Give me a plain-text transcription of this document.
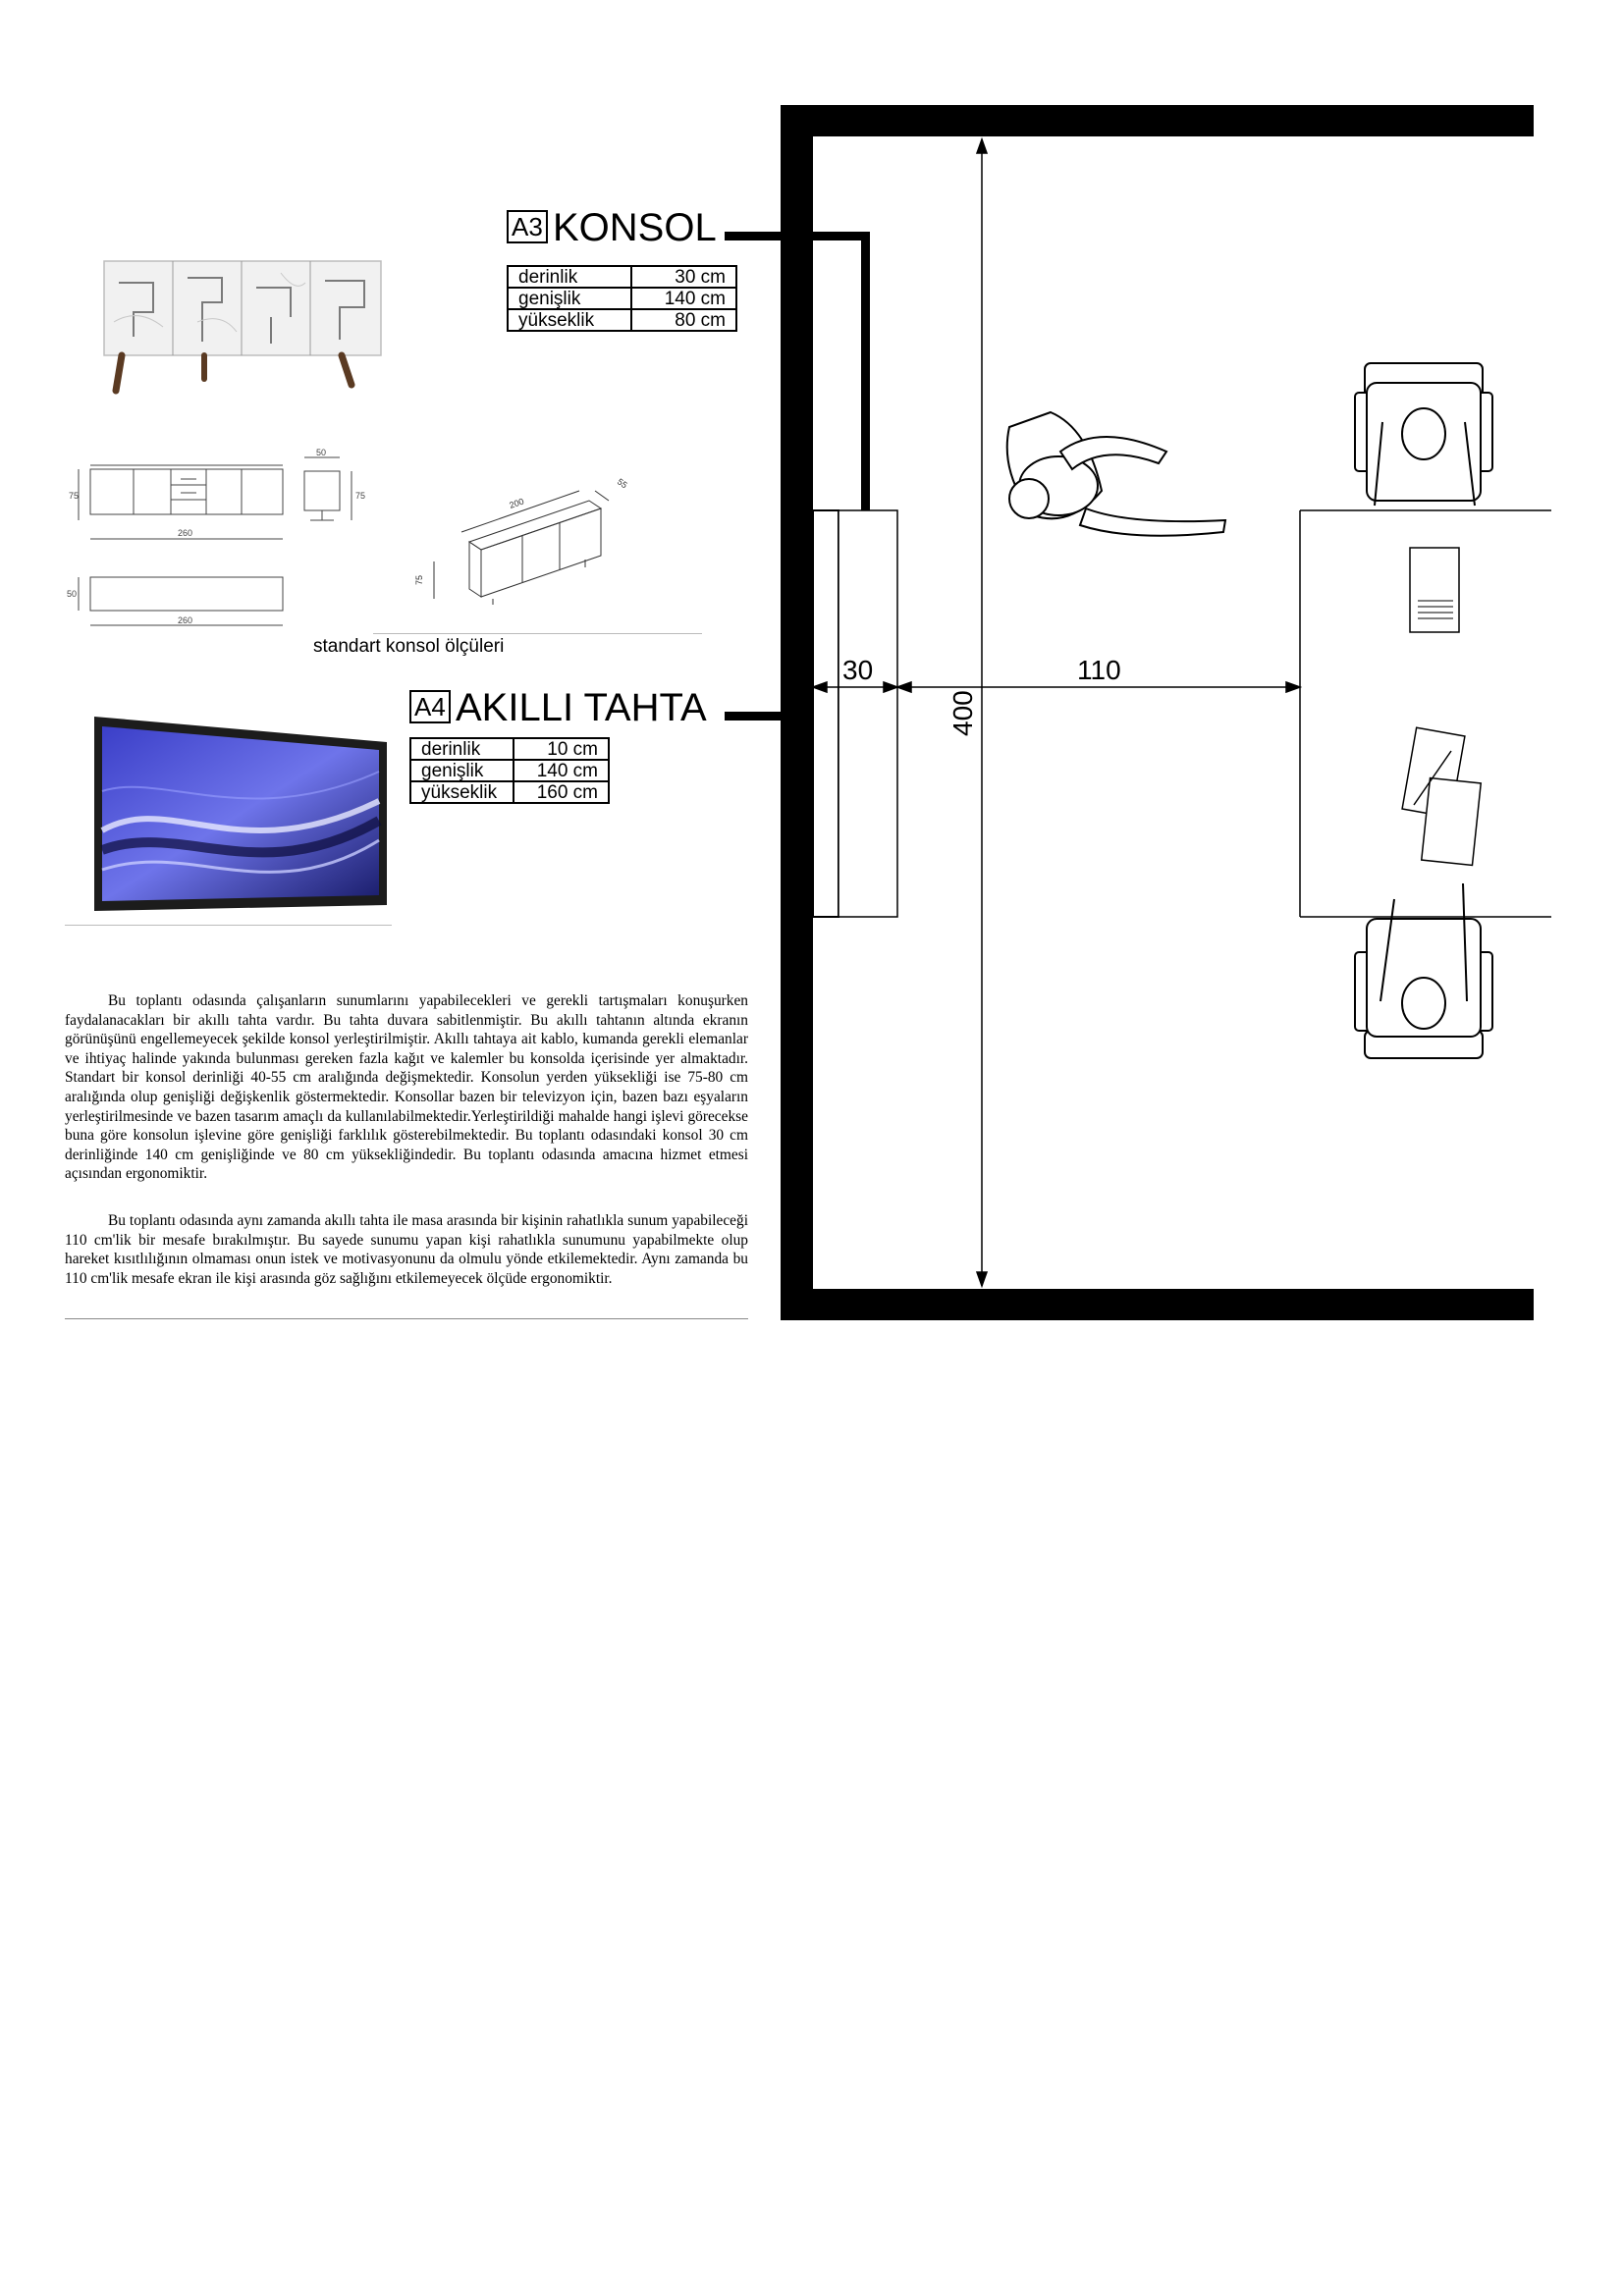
A3 KONSOL
derinlik	30 cm
genişlik	140 cm
yükseklik	80 cm
75
260
50
75
50
260
200
55
75
standart konsol ölçüleri
A4 AKILLI TAHTA
derinlik	10 cm
genişlik	140 cm
yükseklik	160 cm

Bu toplantı odasında çalışanların sunumlarını yapabilecekleri ve gerekli tartışmaları konuşurken faydalanacakları bir akıllı tahta vardır. Bu tahta duvara sabitlenmiştir. Bu akıllı tahtanın altında ekranın görünüşünü engellemeyecek şekilde konsol yerleştirilmiştir. Akıllı tahtaya ait kablo, kumanda gerekli elemanlar ve ihtiyaç halinde yakında bulunması gereken fazla kağıt ve kalemler bu konsolda içerisinde yer almaktadır. Standart bir konsol derinliği 40-55 cm aralığında değişmektedir. Konsolun yerden yüksekliği ise 75-80 cm aralığında olup genişliği değişkenlik göstermektedir. Konsollar bazen bir televizyon için, bazen bazı eşyaların yerleştirilmesinde ve bazen tasarım amaçlı da kullanılabilmektedir.Yerleştirildiği mahalde hangi işlevi görecekse buna göre konsolun işlevine göre genişliği farklılık gösterebilmektedir. Bu toplantı odasındaki konsol 30 cm derinliğinde 140 cm genişliğinde ve 80 cm yüksekliğindedir. Bu toplantı odasında amacına hizmet etmesi açısından ergonomiktir.

Bu toplantı odasında aynı zamanda akıllı tahta ile masa arasında bir kişinin rahatlıkla sunum yapabileceği 110 cm'lik bir mesafe bırakılmıştır. Bu sayede sunumu yapan kişi rahatlıkla sunumunu yapabilmekte olup hareket kısıtlılığının olmaması onun istek ve motivasyonunu da olmulu yönde etkilemektedir. Aynı zamanda bu 110 cm'lik mesafe ekran ile kişi arasında göz sağlığını etkilemeyecek ölçüde ergonomiktir.

30	110
400
